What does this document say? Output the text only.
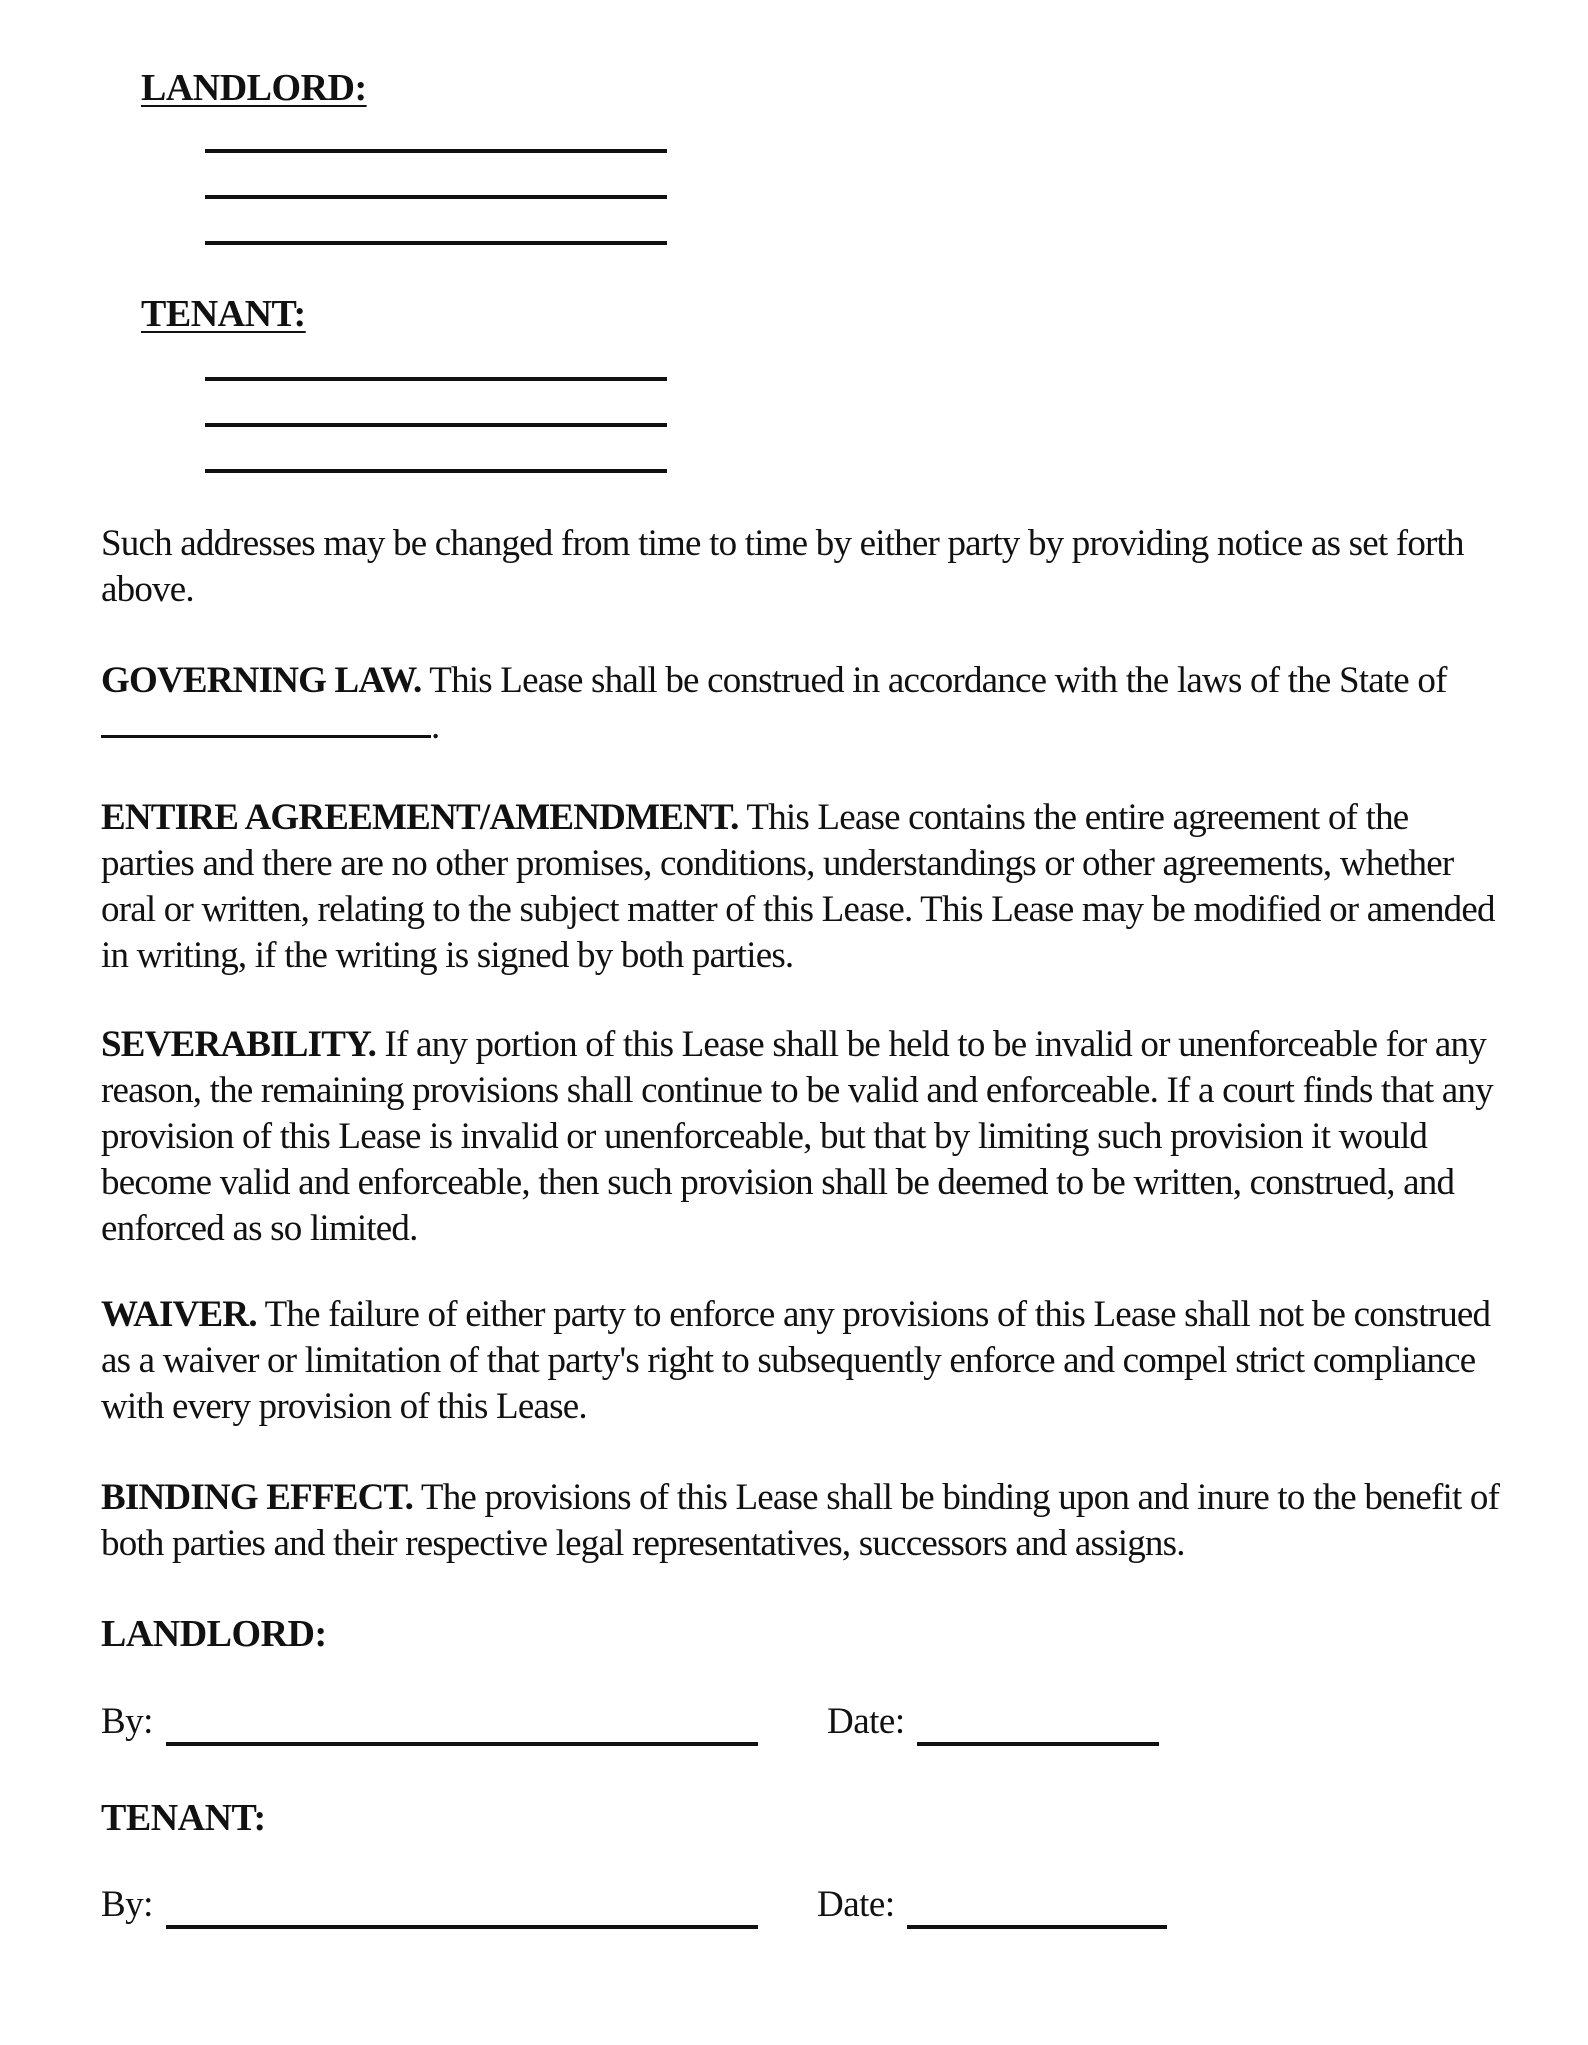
LANDLORD:
TENANT:

Such addresses may be changed from time to time by either party by providing notice as set forth above.

GOVERNING LAW. This Lease shall be construed in accordance with the laws of the State of .

ENTIRE AGREEMENT/AMENDMENT. This Lease contains the entire agreement of the parties and there are no other promises, conditions, understandings or other agreements, whether oral or written, relating to the subject matter of this Lease. This Lease may be modified or amended in writing, if the writing is signed by both parties.

SEVERABILITY. If any portion of this Lease shall be held to be invalid or unenforceable for any reason, the remaining provisions shall continue to be valid and enforceable. If a court finds that any provision of this Lease is invalid or unenforceable, but that by limiting such provision it would become valid and enforceable, then such provision shall be deemed to be written, construed, and enforced as so limited.

WAIVER. The failure of either party to enforce any provisions of this Lease shall not be construed as a waiver or limitation of that party's right to subsequently enforce and compel strict compliance with every provision of this Lease.

BINDING EFFECT. The provisions of this Lease shall be binding upon and inure to the benefit of both parties and their respective legal representatives, successors and assigns.

LANDLORD:
By:	Date:
TENANT:
By:	Date:
